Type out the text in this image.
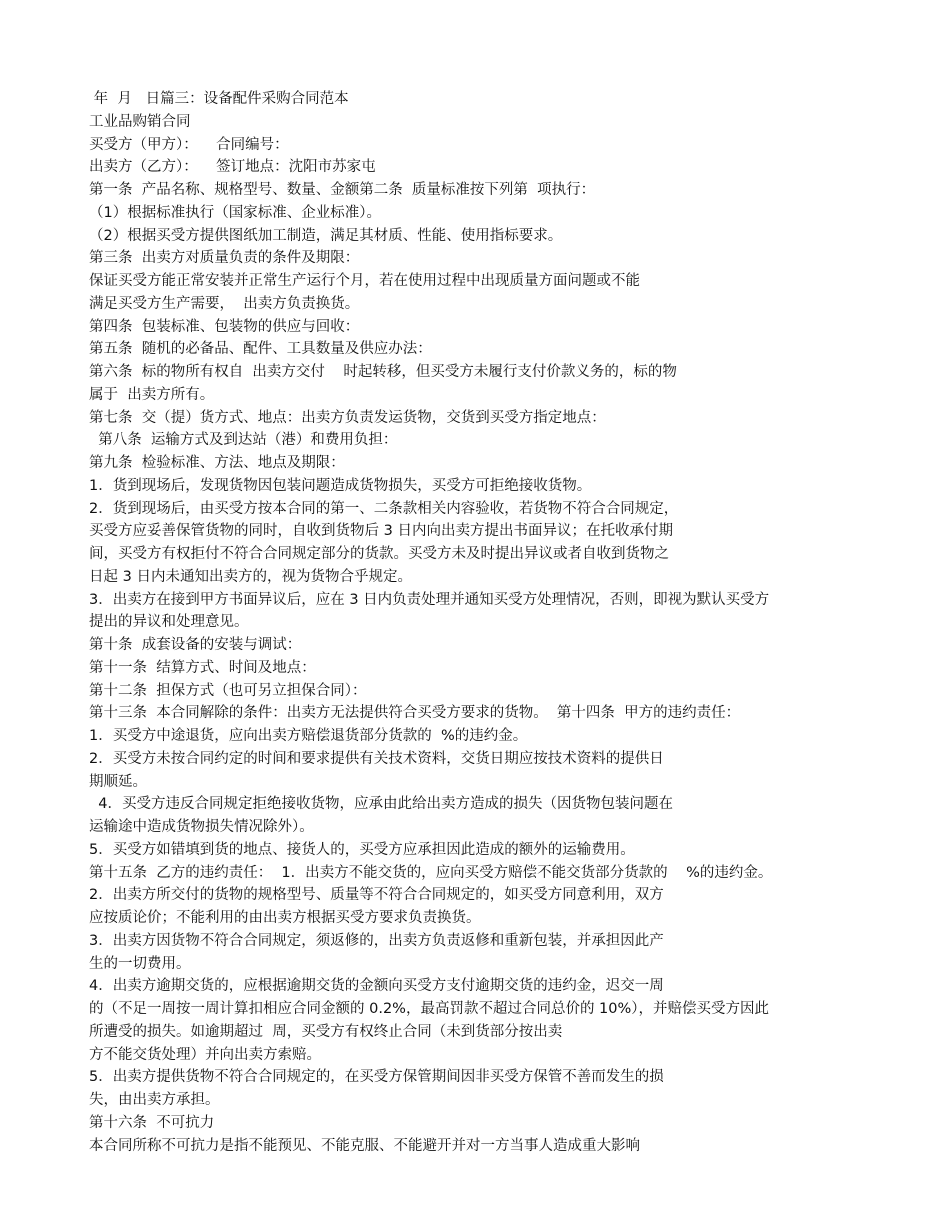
年  月   日篇三：设备配件采购合同范本
工业品购销合同
买受方（甲方）：    合同编号：
出卖方（乙方）：    签订地点：沈阳市苏家屯
第一条  产品名称、规格型号、数量、金额第二条  质量标准按下列第  项执行：
（1）根据标准执行（国家标准、企业标准）。
（2）根据买受方提供图纸加工制造，满足其材质、性能、使用指标要求。
第三条  出卖方对质量负责的条件及期限：
保证买受方能正常安装并正常生产运行个月，若在使用过程中出现质量方面问题或不能
满足买受方生产需要，  出卖方负责换货。
第四条  包装标准、包装物的供应与回收：
第五条  随机的必备品、配件、工具数量及供应办法：
第六条  标的物所有权自  出卖方交付    时起转移，但买受方未履行支付价款义务的，标的物
属于  出卖方所有。
第七条  交（提）货方式、地点：出卖方负责发运货物，交货到买受方指定地点：
第八条  运输方式及到达站（港）和费用负担：
第九条  检验标准、方法、地点及期限：
1．货到现场后，发现货物因包装问题造成货物损失，买受方可拒绝接收货物。
2．货到现场后，由买受方按本合同的第一、二条款相关内容验收，若货物不符合合同规定，
买受方应妥善保管货物的同时，自收到货物后 3 日内向出卖方提出书面异议；在托收承付期
间，买受方有权拒付不符合合同规定部分的货款。买受方未及时提出异议或者自收到货物之
日起 3 日内未通知出卖方的，视为货物合乎规定。
3．出卖方在接到甲方书面异议后，应在 3 日内负责处理并通知买受方处理情况，否则，即视为默认买受方
提出的异议和处理意见。
第十条  成套设备的安装与调试：
第十一条  结算方式、时间及地点：
第十二条  担保方式（也可另立担保合同）：
第十三条  本合同解除的条件：出卖方无法提供符合买受方要求的货物。  第十四条  甲方的违约责任：
1．买受方中途退货，应向出卖方赔偿退货部分货款的  %的违约金。
2．买受方未按合同约定的时间和要求提供有关技术资料，交货日期应按技术资料的提供日
期顺延。
4．买受方违反合同规定拒绝接收货物，应承由此给出卖方造成的损失（因货物包装问题在
运输途中造成货物损失情况除外）。
5．买受方如错填到货的地点、接货人的，买受方应承担因此造成的额外的运输费用。
第十五条  乙方的违约责任：  1．出卖方不能交货的，应向买受方赔偿不能交货部分货款的    %的违约金。
2．出卖方所交付的货物的规格型号、质量等不符合合同规定的，如买受方同意利用，双方
应按质论价；不能利用的由出卖方根据买受方要求负责换货。
3．出卖方因货物不符合合同规定，须返修的，出卖方负责返修和重新包装，并承担因此产
生的一切费用。
4．出卖方逾期交货的，应根据逾期交货的金额向买受方支付逾期交货的违约金，迟交一周
的（不足一周按一周计算扣相应合同金额的 0.2%，最高罚款不超过合同总价的 10%），并赔偿买受方因此
所遭受的损失。如逾期超过  周，买受方有权终止合同（未到货部分按出卖
方不能交货处理）并向出卖方索赔。
5．出卖方提供货物不符合合同规定的，在买受方保管期间因非买受方保管不善而发生的损
失，由出卖方承担。
第十六条  不可抗力
本合同所称不可抗力是指不能预见、不能克服、不能避开并对一方当事人造成重大影响
